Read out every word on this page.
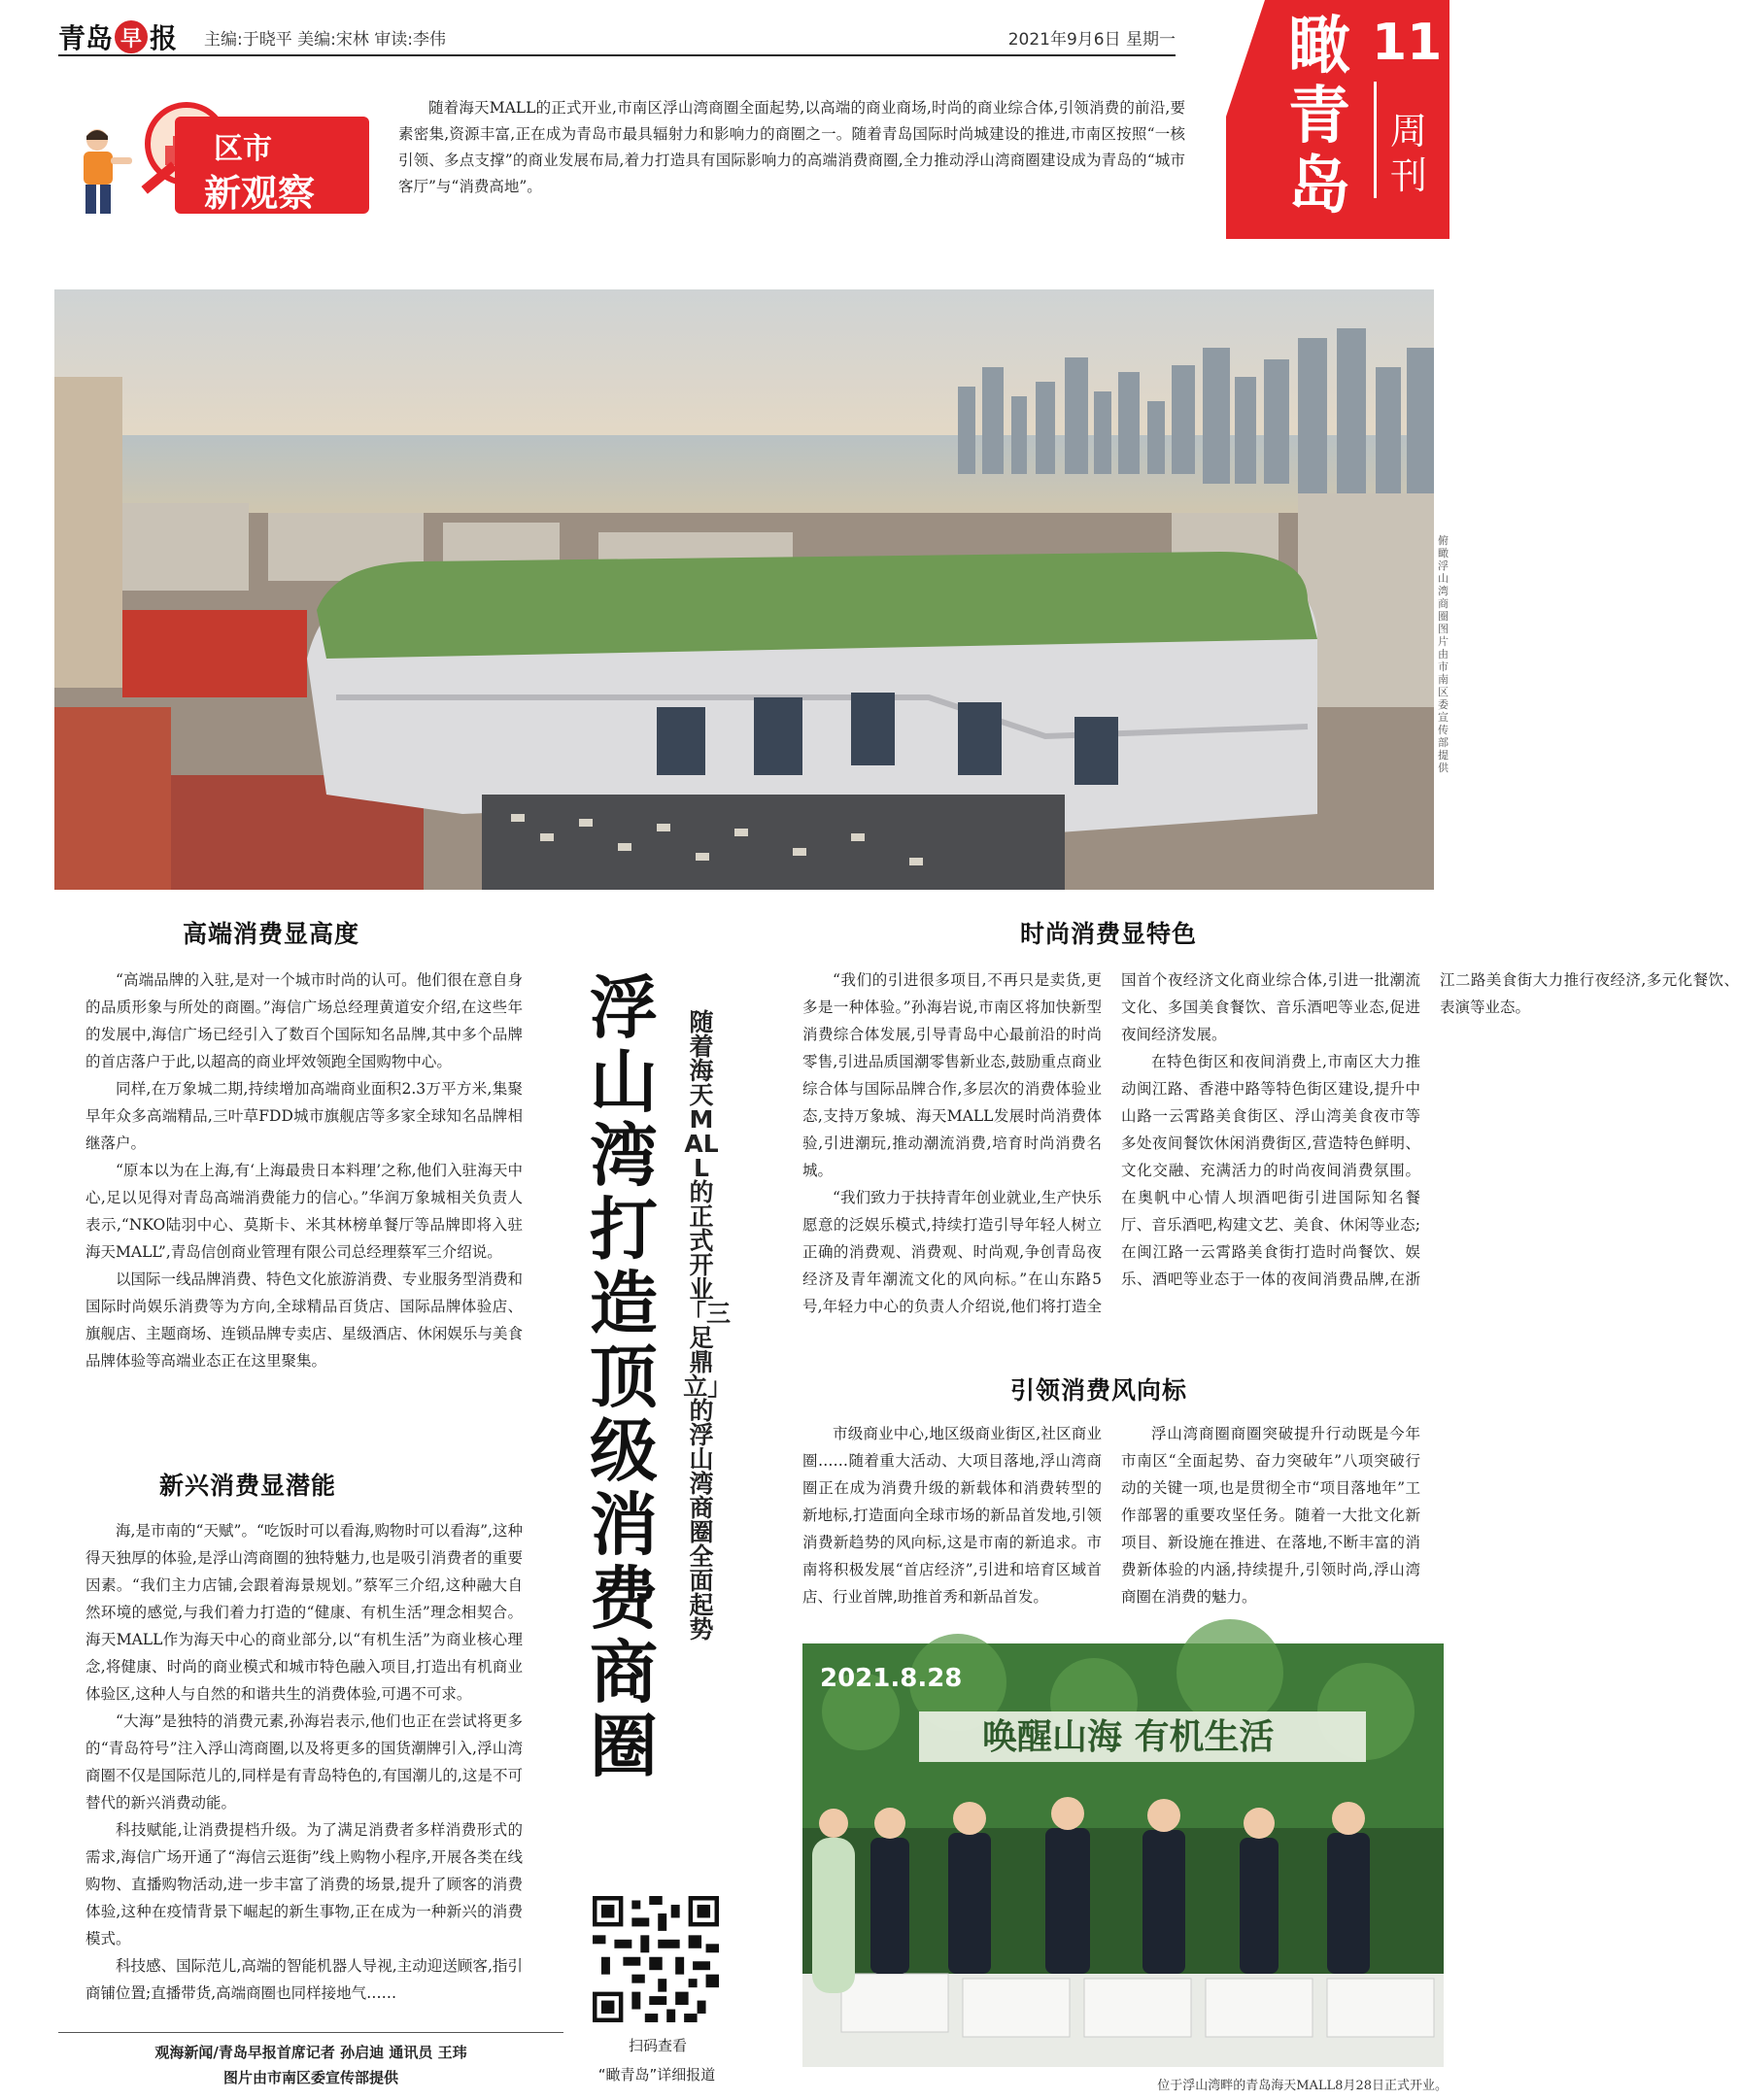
青岛 早 报 主编:于晓平 美编:宋林 审读:李伟	2021年9月6日 星期一 瞰青岛
11
周刊
区市
新观察
随着海天MALL的正式开业,市南区浮山湾商圈全面起势,以高端的商业商场,时尚的商业综合体,引领消费的前沿,要素密集,资源丰富,正在成为青岛市最具辐射力和影响力的商圈之一。随着青岛国际时尚城建设的推进,市南区按照“一核引领、多点支撑”的商业发展布局,着力打造具有国际影响力的高端消费商圈,全力推动浮山湾商圈建设成为青岛的“城市客厅”与“消费高地”。
俯瞰浮山湾商圈 图片由市南区委宣传部提供
高端消费显高度

“高端品牌的入驻,是对一个城市时尚的认可。他们很在意自身的品质形象与所处的商圈。”海信广场总经理黄道安介绍,在这些年的发展中,海信广场已经引入了数百个国际知名品牌,其中多个品牌的首店落户于此,以超高的商业坪效领跑全国购物中心。

同样,在万象城二期,持续增加高端商业面积2.3万平方米,集聚早年众多高端精品,三叶草FDD城市旗舰店等多家全球知名品牌相继落户。

“原本以为在上海,有‘上海最贵日本料理’之称,他们入驻海天中心,足以见得对青岛高端消费能力的信心。”华润万象城相关负责人表示,“NKO陆羽中心、莫斯卡、米其林榜单餐厅等品牌即将入驻海天MALL”,青岛信创商业管理有限公司总经理蔡军三介绍说。

以国际一线品牌消费、特色文化旅游消费、专业服务型消费和国际时尚娱乐消费等为方向,全球精品百货店、国际品牌体验店、旗舰店、主题商场、连锁品牌专卖店、星级酒店、休闲娱乐与美食品牌体验等高端业态正在这里聚集。

新兴消费显潜能

海,是市南的“天赋”。“吃饭时可以看海,购物时可以看海”,这种得天独厚的体验,是浮山湾商圈的独特魅力,也是吸引消费者的重要因素。“我们主力店铺,会跟着海景规划。”蔡军三介绍,这种融大自然环境的感觉,与我们着力打造的“健康、有机生活”理念相契合。海天MALL作为海天中心的商业部分,以“有机生活”为商业核心理念,将健康、时尚的商业模式和城市特色融入项目,打造出有机商业体验区,这种人与自然的和谐共生的消费体验,可遇不可求。

“大海”是独特的消费元素,孙海岩表示,他们也正在尝试将更多的“青岛符号”注入浮山湾商圈,以及将更多的国货潮牌引入,浮山湾商圈不仅是国际范儿的,同样是有青岛特色的,有国潮儿的,这是不可替代的新兴消费动能。

科技赋能,让消费提档升级。为了满足消费者多样消费形式的需求,海信广场开通了“海信云逛街”线上购物小程序,开展各类在线购物、直播购物活动,进一步丰富了消费的场景,提升了顾客的消费体验,这种在疫情背景下崛起的新生事物,正在成为一种新兴的消费模式。

科技感、国际范儿,高端的智能机器人导视,主动迎送顾客,指引商铺位置;直播带货,高端商圈也同样接地气……

观海新闻/青岛早报首席记者 孙启迪 通讯员 王玮
图片由市南区委宣传部提供
浮山湾打造顶级消费商圈
随着海天MALL的正式开业 「三足鼎立」的浮山湾商圈全面起势
扫码查看
“瞰青岛”详细报道
时尚消费显特色

“我们的引进很多项目,不再只是卖货,更多是一种体验。”孙海岩说,市南区将加快新型消费综合体发展,引导青岛中心最前沿的时尚零售,引进品质国潮零售新业态,鼓励重点商业综合体与国际品牌合作,多层次的消费体验业态,支持万象城、海天MALL发展时尚消费体验,引进潮玩,推动潮流消费,培育时尚消费名城。

“我们致力于扶持青年创业就业,生产快乐愿意的泛娱乐模式,持续打造引导年轻人树立正确的消费观、消费观、时尚观,争创青岛夜经济及青年潮流文化的风向标。”在山东路5号,年轻力中心的负责人介绍说,他们将打造全国首个夜经济文化商业综合体,引进一批潮流文化、多国美食餐饮、音乐酒吧等业态,促进夜间经济发展。

在特色街区和夜间消费上,市南区大力推动闽江路、香港中路等特色街区建设,提升中山路一云霄路美食街区、浮山湾美食夜市等多处夜间餐饮休闲消费街区,营造特色鲜明、文化交融、充满活力的时尚夜间消费氛围。在奥帆中心情人坝酒吧街引进国际知名餐厅、音乐酒吧,构建文艺、美食、休闲等业态;在闽江路一云霄路美食街打造时尚餐饮、娱乐、酒吧等业态于一体的夜间消费品牌,在浙江二路美食街大力推行夜经济,多元化餐饮、表演等业态。

引领消费风向标

市级商业中心,地区级商业街区,社区商业圈……随着重大活动、大项目落地,浮山湾商圈正在成为消费升级的新载体和消费转型的新地标,打造面向全球市场的新品首发地,引领消费新趋势的风向标,这是市南的新追求。市南将积极发展“首店经济”,引进和培育区域首店、行业首牌,助推首秀和新品首发。

浮山湾商圈商圈突破提升行动既是今年市南区“全面起势、奋力突破年”八项突破行动的关键一项,也是贯彻全市“项目落地年”工作部署的重要攻坚任务。随着一大批文化新项目、新设施在推进、在落地,不断丰富的消费新体验的内涵,持续提升,引领时尚,浮山湾商圈在消费的魅力。

2021.8.28
唤醒山海 有机生活
位于浮山湾畔的青岛海天MALL8月28日正式开业。
